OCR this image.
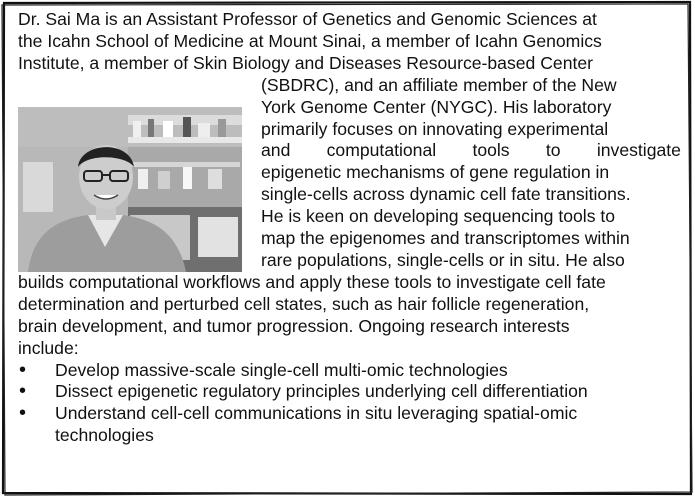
Dr. Sai Ma is an Assistant Professor of Genetics and Genomic Sciences at
the Icahn School of Medicine at Mount Sinai, a member of Icahn Genomics
Institute, a member of Skin Biology and Diseases Resource-based Center
(SBDRC), and an affiliate member of the New
York Genome Center (NYGC). His laboratory
primarily focuses on innovating experimental
and computational tools to investigate
epigenetic mechanisms of gene regulation in
single-cells across dynamic cell fate transitions.
He is keen on developing sequencing tools to
map the epigenomes and transcriptomes within
rare populations, single-cells or in situ. He also
builds computational workflows and apply these tools to investigate cell fate
determination and perturbed cell states, such as hair follicle regeneration,
brain development, and tumor progression. Ongoing research interests
include:
•
Develop massive-scale single-cell multi-omic technologies
•
Dissect epigenetic regulatory principles underlying cell differentiation
•
Understand cell-cell communications in situ leveraging spatial-omic
technologies
